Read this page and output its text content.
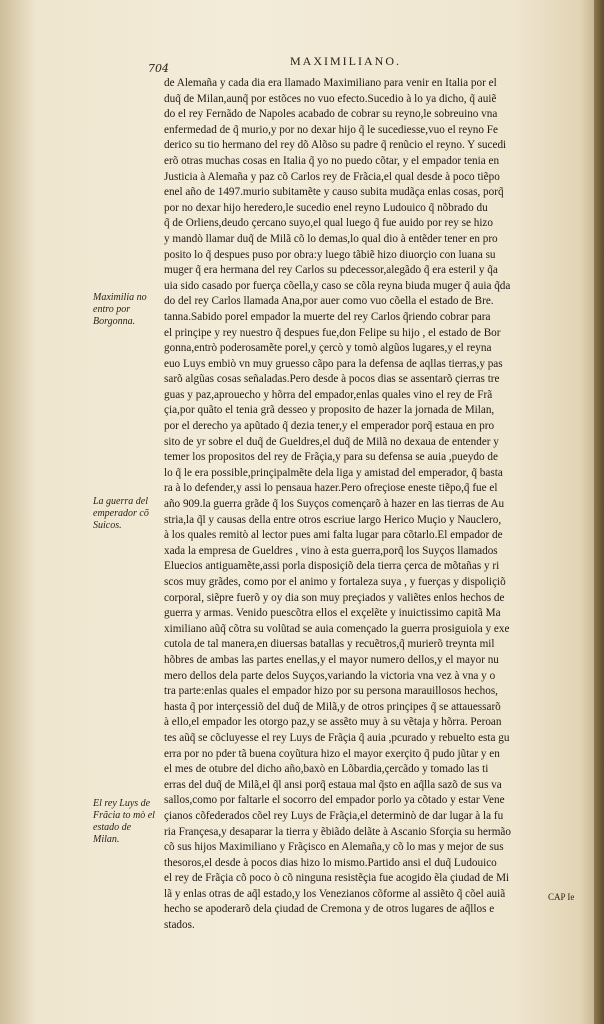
704
MAXIMILIANO.
de Alemaña y cada dia era llamado Maximiliano para venir en Italia por el
duq̃ de Milan,aunq̃ por estõces no vuo efecto.Sucedio à lo ya dicho, q̃ auiẽ
do el rey Fernãdo de Napoles acabado de cobrar su reyno,le sobreuino vna
enfermedad de q̃ murio,y por no dexar hijo q̃ le sucediesse,vuo el reyno Fe
derico su tio hermano del rey dõ Alõso su padre q̃ renũcio el reyno. Y sucedi
erõ otras muchas cosas en Italia q̃ yo no puedo cõtar, y el empador tenia en
Justicia à Alemaña y paz cõ Carlos rey de Frãcia,el qual desde à poco tiẽpo
enel año de 1497.murio subitamẽte y causo subita mudãça enlas cosas, porq̃
por no dexar hijo heredero,le sucedio enel reyno Ludouico q̃ nõbrado du
q̃ de Orliens,deudo çercano suyo,el qual luego q̃ fue auido por rey se hizo
y mandò llamar duq̃ de Milã cõ lo demas,lo qual dio à entẽder tener en pro
posito lo q̃ despues puso por obra:y luego tãbiẽ hizo diuorçio con luana su
muger q̃ era hermana del rey Carlos su pdecessor,alegãdo q̃ era esteril y q̃a
uia sido casado por fuerça cõella,y caso se cõla reyna biuda muger q̃ auia q̃da
do del rey Carlos llamada Ana,por auer como vuo cõella el estado de Bre.
tanna.Sabido porel empador la muerte del rey Carlos q̃riendo cobrar para
el prinçipe y rey nuestro q̃ despues fue,don Felipe su hijo , el estado de Bor
gonna,entrò poderosamẽte porel,y çercò y tomò algũos lugares,y el reyna
euo Luys embiò vn muy gruesso cãpo para la defensa de aqllas tierras,y pas
sarõ algũas cosas señaladas.Pero desde à pocos dias se assentarõ çierras tre
guas y paz,aprouecho y hõrra del empador,enlas quales vino el rey de Frã
çia,por quãto el tenia grã desseo y proposito de hazer la jornada de Milan,
por el derecho ya apũtado q̃ dezia tener,y el emperador porq̃ estaua en pro
sito de yr sobre el duq̃ de Gueldres,el duq̃ de Milã no dexaua de entender y
temer los propositos del rey de Frãçia,y para su defensa se auia ,pueydo de
lo q̃ le era possible,prinçipalmẽte dela liga y amistad del emperador, q̃ basta
ra à lo defender,y assi lo pensaua hazer.Pero ofreçiose eneste tiẽpo,q̃ fue el
año 909.la guerra grãde q̃ los Suyços començarõ à hazer en las tierras de Au
stria,la q̃l y causas della entre otros escriue largo Herico Muçio y Nauclero,
à los quales remitò al lector pues ami falta lugar para cõtarlo.El empador de
xada la empresa de Gueldres , vino à esta guerra,porq̃ los Suyços llamados
Eluecios antiguamẽte,assi porla disposiçiõ dela tierra çerca de mõtañas y ri
scos muy grãdes, como por el animo y fortaleza suya , y fuerças y dispoliçiõ
corporal, siẽpre fuerõ y oy dia son muy preçiados y valiẽtes enlos hechos de
guerra y armas. Venido puescõtra ellos el exçelẽte y inuictissimo capitã Ma
ximiliano aũq̃ cõtra su volũtad se auia començado la guerra prosiguiola y exe
cutola de tal manera,en diuersas batallas y recuẽtros,q̃ murierõ treynta mil
hõbres de ambas las partes enellas,y el mayor numero dellos,y el mayor nu
mero dellos dela parte delos Suyços,variando la victoria vna vez à vna y o
tra parte:enlas quales el empador hizo por su persona marauillosos hechos,
hasta q̃ por interçessiõ del duq̃ de Milã,y de otros prinçipes q̃ se attauessarõ
à ello,el empador les otorgo paz,y se assẽto muy à su vẽtaja y hõrra. Peroan
tes aũq̃ se cõcluyesse el rey Luys de Frãçia q̃ auia ,pcurado y rebuelto esta gu
erra por no pder tã buena coyũtura hizo el mayor exerçito q̃ pudo jũtar y en
el mes de otubre del dicho año,baxò en Lõbardia,çercãdo y tomado las ti
erras del duq̃ de Milã,el q̃l ansi porq̃ estaua mal q̃sto en aq̃lla sazõ de sus va
sallos,como por faltarle el socorro del empador porlo ya cõtado y estar Vene
çianos cõfederados cõel rey Luys de Frãçia,el determinò de dar lugar à la fu
ria Françesa,y desaparar la tierra y ẽbiãdo delãte à Ascanio Sforçia su hermão
cõ sus hijos Maximiliano y Frãçisco en Alemaña,y cõ lo mas y mejor de sus
thesoros,el desde à pocos dias hizo lo mismo.Partido ansi el duq̃ Ludouico
el rey de Frãçia cõ poco ò cõ ninguna resistẽçia fue acogido ẽla çiudad de Mi
lã y enlas otras de aq̃l estado,y los Venezianos cõforme al assiẽto q̃ cõel auiã
hecho se apoderarõ dela çiudad de Cremona y de otros lugares de aq̃llos e
stados.
Maximilia no entro por Borgonna.
La guerra del emperador cõ Suicos.
El rey Luys de Frãcia to mò el estado de Milan.
CAP Ie
